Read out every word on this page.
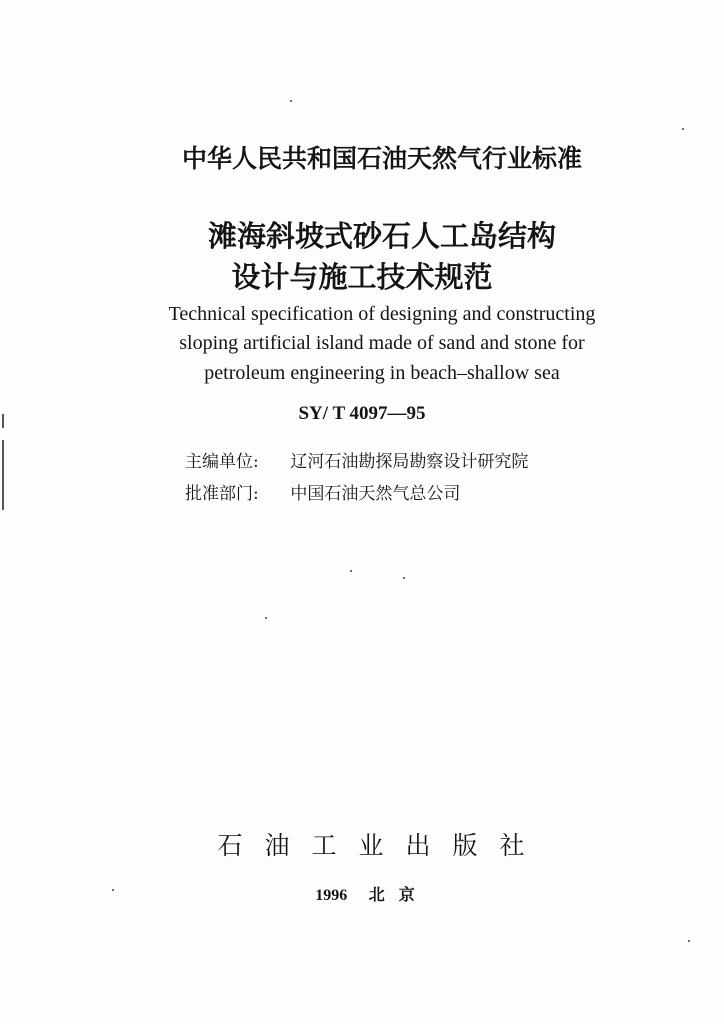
中华人民共和国石油天然气行业标准
滩海斜坡式砂石人工岛结构
设计与施工技术规范
Technical specification of designing and constructing
sloping artificial island made of sand and stone for
petroleum engineering in beach–shallow sea
SY/ T 4097—95
主编单位: 辽河石油勘探局勘察设计研究院
批准部门: 中国石油天然气总公司
石油工业出版社
1996 北京
